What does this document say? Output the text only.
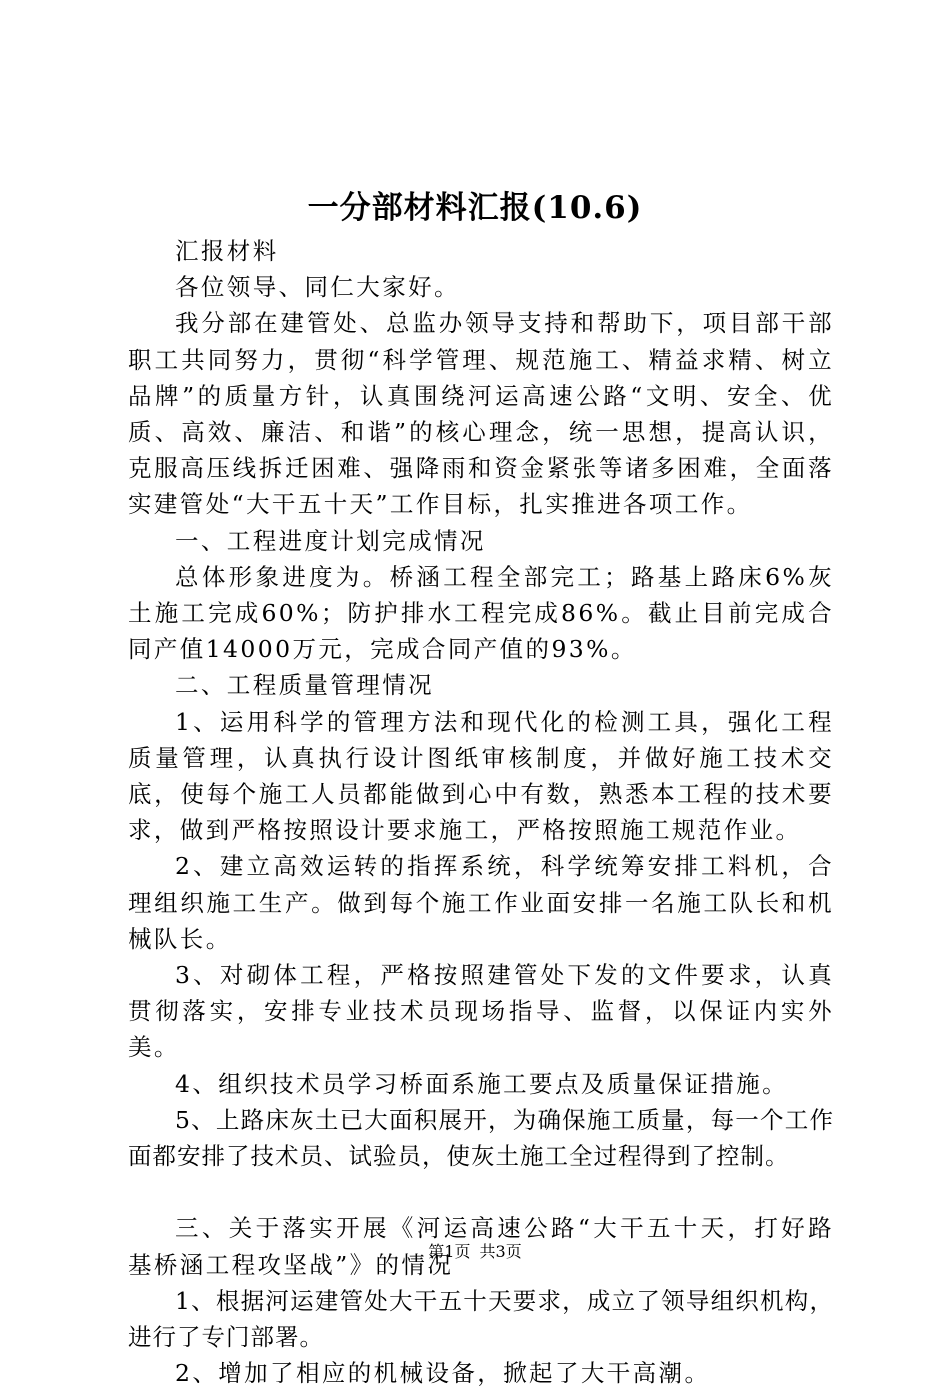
一分部材料汇报(10.6)

汇报材料

各位领导、同仁大家好。

我分部在建管处、总监办领导支持和帮助下，项目部干部职工共同努力，贯彻“科学管理、规范施工、精益求精、树立品牌”的质量方针，认真围绕河运高速公路“文明、安全、优质、高效、廉洁、和谐”的核心理念，统一思想，提高认识，克服高压线拆迁困难、强降雨和资金紧张等诸多困难，全面落实建管处“大干五十天”工作目标，扎实推进各项工作。

一、工程进度计划完成情况

总体形象进度为。桥涵工程全部完工；路基上路床6%灰土施工完成60%；防护排水工程完成86%。截止目前完成合同产值14000万元，完成合同产值的93%。

二、工程质量管理情况

1、运用科学的管理方法和现代化的检测工具，强化工程质量管理，认真执行设计图纸审核制度，并做好施工技术交底，使每个施工人员都能做到心中有数，熟悉本工程的技术要求，做到严格按照设计要求施工，严格按照施工规范作业。

2、建立高效运转的指挥系统，科学统筹安排工料机，合理组织施工生产。做到每个施工作业面安排一名施工队长和机械队长。

3、对砌体工程，严格按照建管处下发的文件要求，认真贯彻落实，安排专业技术员现场指导、监督，以保证内实外美。

4、组织技术员学习桥面系施工要点及质量保证措施。

5、上路床灰土已大面积展开，为确保施工质量，每一个工作面都安排了技术员、试验员，使灰土施工全过程得到了控制。

三、关于落实开展《河运高速公路“大干五十天，打好路基桥涵工程攻坚战”》的情况

1、根据河运建管处大干五十天要求，成立了领导组织机构，进行了专门部署。

2、增加了相应的机械设备，掀起了大干高潮。

第1页 共3页
